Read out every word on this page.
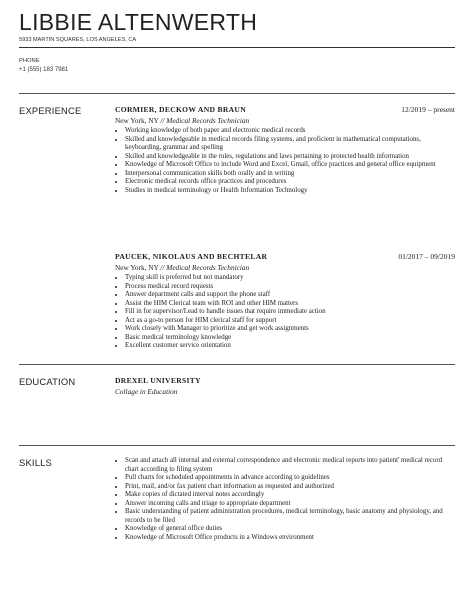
LIBBIE ALTENWERTH
5933 MARTIN SQUARES, LOS ANGELES, CA
PHONE
+1 (555) 183 7981
EXPERIENCE	CORMIER, DECKOW AND BRAUN	12/2019 – present
New York, NY // Medical Records Technician
• Working knowledge of both paper and electronic medical records
• Skilled and knowledgeable in medical records filing systems, and proficient in mathematical computations, keyboarding, grammar and spelling
• Skilled and knowledgeable in the rules, regulations and laws pertaining to protected health information
• Knowledge of Microsoft Office to include Word and Excel, Gmail, office practices and general office equipment
• Interpersonal communication skills both orally and in writing
• Electronic medical records office practices and procedures
• Studies in medical terminology or Health Information Technology
PAUCEK, NIKOLAUS AND BECHTELAR	01/2017 – 09/2019
New York, NY // Medical Records Technician
• Typing skill is preferred but not mandatory
• Process medical record requests
• Answer department calls and support the phone staff
• Assist the HIM Clerical team with ROI and other HIM matters
• Fill in for supervisor/Lead to handle issues that require immediate action
• Act as a go-to person for HIM clerical staff for support
• Work closely with Manager to prioritize and get work assignments
• Basic medical terminology knowledge
• Excellent customer service orientation
EDUCATION	DREXEL UNIVERSITY
Collage in Education
SKILLS
•	Scan and attach all internal and external correspondence and electronic medical reports into patient' medical record chart according to filing system
• Pull charts for scheduled appointments in advance according to guidelines
• Print, mail, and/or fax patient chart information as requested and authorized
• Make copies of dictated interval notes accordingly
• Answer incoming calls and triage to appropriate department
• Basic understanding of patient administration procedures, medical terminology, basic anatomy and physiology, and records to be filed
• Knowledge of general office duties
• Knowledge of Microsoft Office products in a Windows environment
